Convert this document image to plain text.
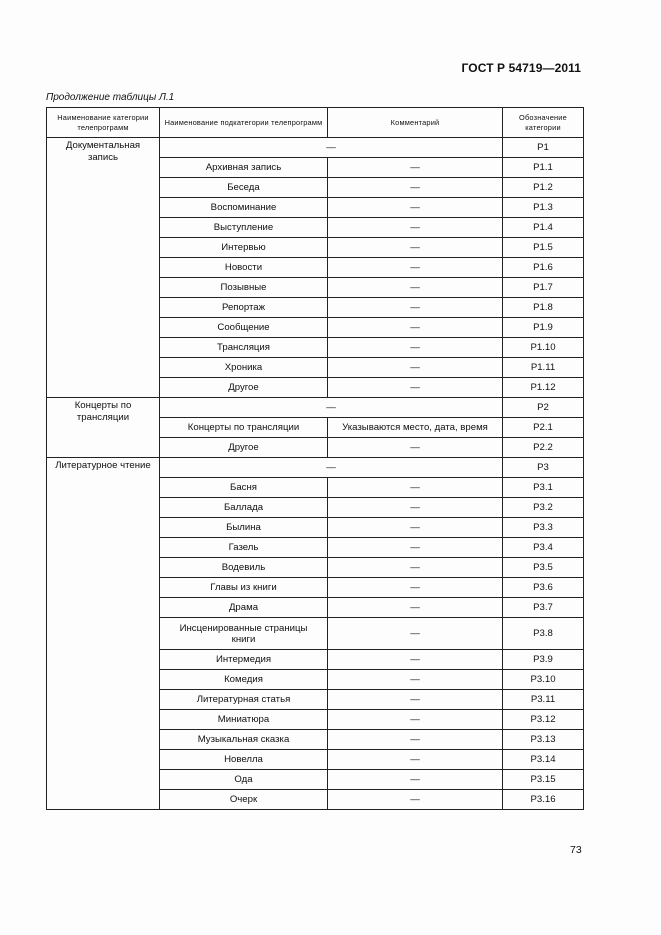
ГОСТ Р 54719—2011
Продолжение таблицы Л.1
Наименование категории телепрограмм	Наименование подкатегории телепрограмм	Комментарий	Обозначение категории
Документальная запись	—		P1
	Архивная запись	—	P1.1
	Беседа	—	P1.2
	Воспоминание	—	P1.3
	Выступление	—	P1.4
	Интервью	—	P1.5
	Новости	—	P1.6
	Позывные	—	P1.7
	Репортаж	—	P1.8
	Сообщение	—	P1.9
	Трансляция	—	P1.10
	Хроника	—	P1.11
	Другое	—	P1.12
Концерты по трансляции	—		P2
	Концерты по трансляции	Указываются место, дата, время	P2.1
	Другое	—	P2.2
Литературное чтение	—		P3
	Басня	—	P3.1
	Баллада	—	P3.2
	Былина	—	P3.3
	Газель	—	P3.4
	Водевиль	—	P3.5
	Главы из книги	—	P3.6
	Драма	—	P3.7
	Инсценированные страницы книги	—	P3.8
	Интермедия	—	P3.9
	Комедия	—	P3.10
	Литературная статья	—	P3.11
	Миниатюра	—	P3.12
	Музыкальная сказка	—	P3.13
	Новелла	—	P3.14
	Ода	—	P3.15
	Очерк	—	P3.16
73
